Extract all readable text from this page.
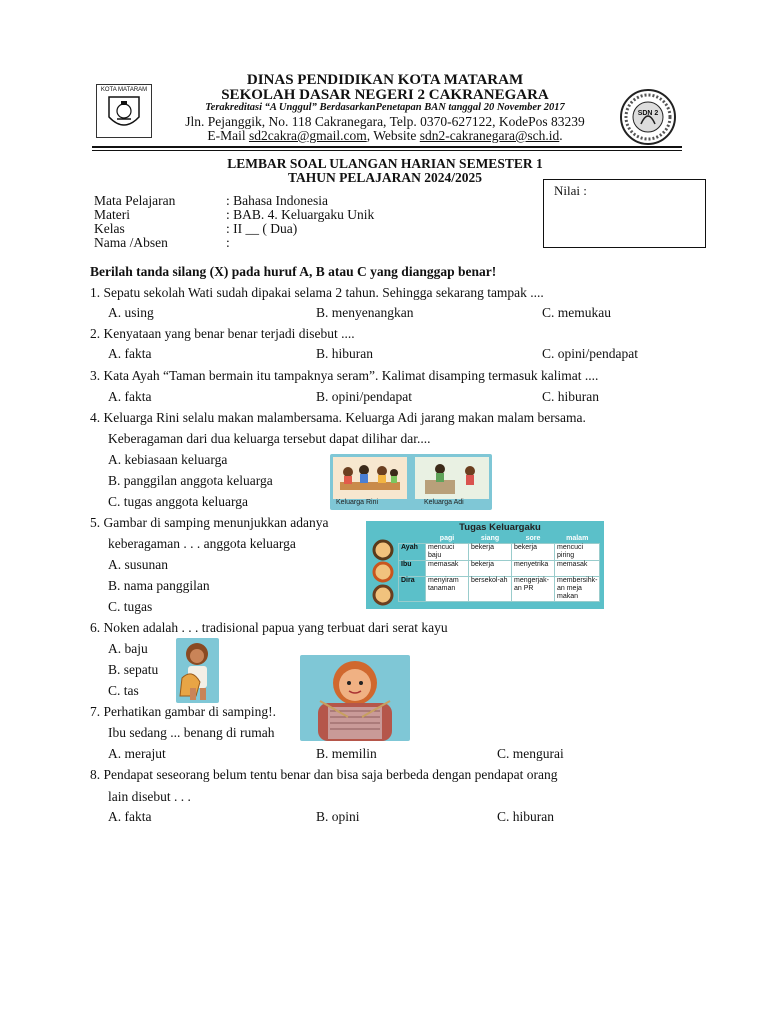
KOTA MATARAM
SDN 2
DINAS PENDIDIKAN KOTA MATARAM
SEKOLAH DASAR NEGERI 2 CAKRANEGARA
Terakreditasi “A Unggul” BerdasarkanPenetapan BAN tanggal 20 November 2017
Jln. Pejanggik, No. 118 Cakranegara, Telp. 0370-627122, KodePos 83239
E-Mail sd2cakra@gmail.com, Website sdn2-cakranegara@sch.id.
LEMBAR SOAL ULANGAN HARIAN SEMESTER 1
TAHUN PELAJARAN 2024/2025
Nilai :
Mata Pelajaran	: Bahasa Indonesia
Materi	: BAB. 4. Keluargaku Unik
Kelas	: II __ ( Dua)
Nama /Absen	:
Berilah tanda silang (X) pada huruf A, B atau C yang dianggap benar!
1. Sepatu sekolah Wati sudah dipakai selama 2 tahun. Sehingga sekarang tampak ....
A. using	B. menyenangkan	C. memukau
2. Kenyataan yang benar benar terjadi disebut ....
A. fakta	B. hiburan	C. opini/pendapat
3. Kata Ayah “Taman bermain itu tampaknya seram”. Kalimat disamping termasuk kalimat ....
A. fakta	B. opini/pendapat	C. hiburan
4. Keluarga Rini selalu makan malambersama. Keluarga Adi jarang makan malam bersama.
Keberagaman dari dua keluarga tersebut dapat dilihar dar....
A. kebiasaan keluarga
B. panggilan anggota keluarga
C. tugas anggota keluarga	Keluarga Rini	Keluarga Adi
5. Gambar di samping menunjukkan adanya
keberagaman . . . anggota keluarga
A. susunan
B. nama panggilan
C. tugas
Tugas Keluargaku
	pagi	siang	sore	malam
Ayah	mencuci baju	bekerja	bekerja	mencuci piring
Ibu	memasak	bekerja	menyetrika	memasak
Dira	menyiram tanaman	bersekol-ah	mengerjak-an PR	membersihk-an meja makan
6. Noken adalah . . . tradisional papua yang terbuat dari serat kayu
A. baju
B. sepatu
C. tas
7. Perhatikan gambar di samping!.
Ibu sedang ... benang di rumah
A. merajut	B. memilin	C. mengurai
8. Pendapat seseorang belum tentu benar dan bisa saja berbeda dengan pendapat orang
lain disebut . . .
A. fakta	B. opini	C. hiburan
